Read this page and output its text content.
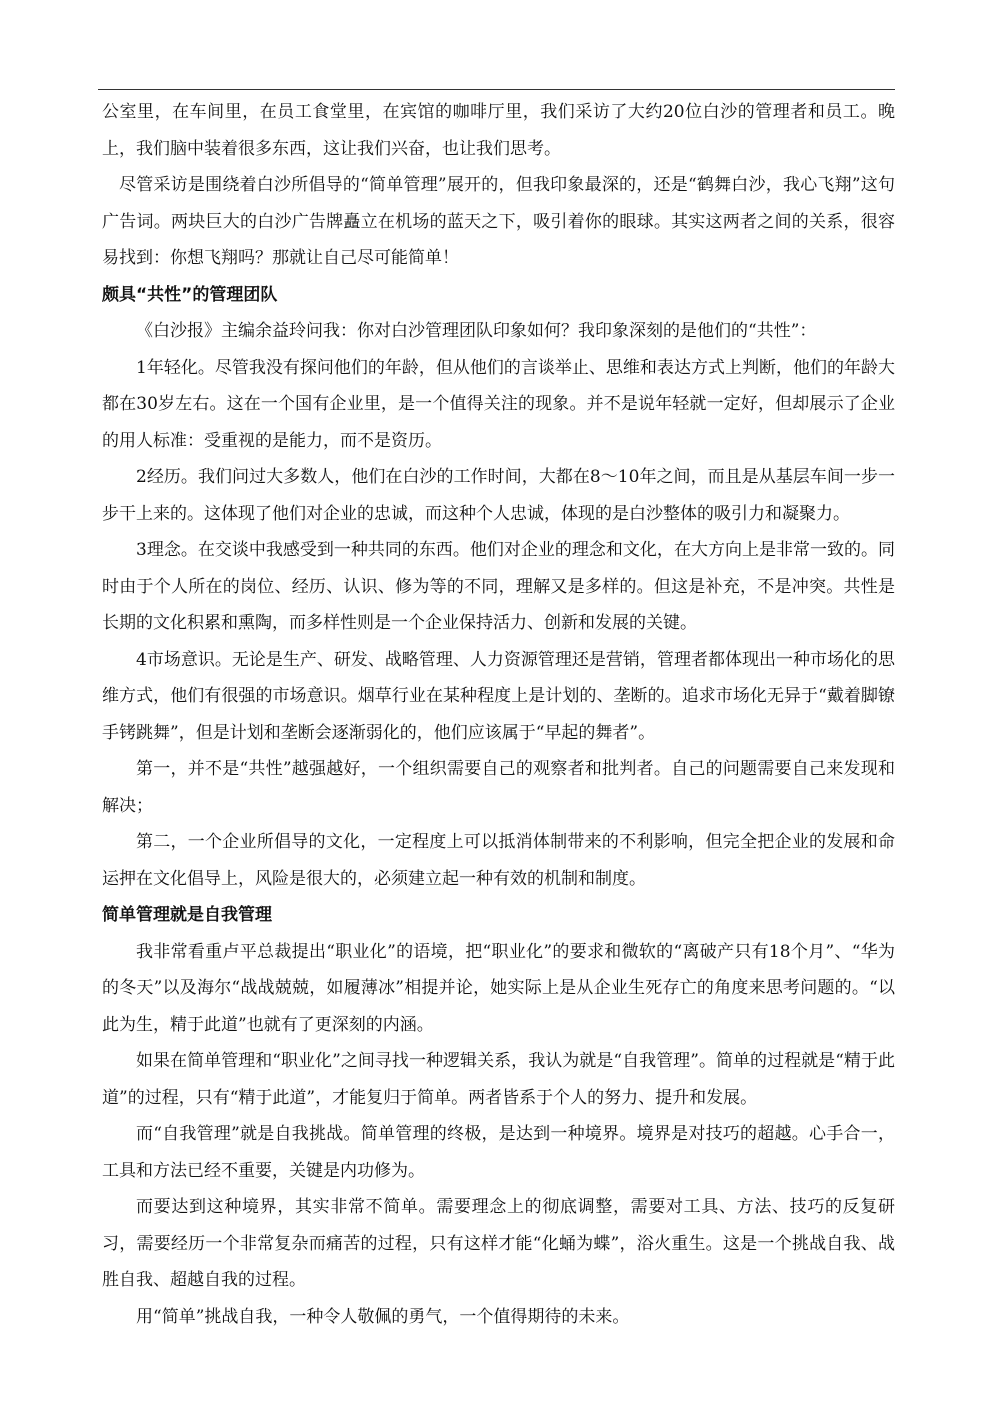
公室里，在车间里，在员工食堂里，在宾馆的咖啡厅里，我们采访了大约20位白沙的管理者和员工。晚上，我们脑中装着很多东西，这让我们兴奋，也让我们思考。

尽管采访是围绕着白沙所倡导的“简单管理”展开的，但我印象最深的，还是“鹤舞白沙，我心飞翔”这句广告词。两块巨大的白沙广告牌矗立在机场的蓝天之下，吸引着你的眼球。其实这两者之间的关系，很容易找到：你想飞翔吗？那就让自己尽可能简单！

颇具“共性”的管理团队

《白沙报》主编余益玲问我：你对白沙管理团队印象如何？我印象深刻的是他们的“共性”：

1年轻化。尽管我没有探问他们的年龄，但从他们的言谈举止、思维和表达方式上判断，他们的年龄大都在30岁左右。这在一个国有企业里，是一个值得关注的现象。并不是说年轻就一定好，但却展示了企业的用人标准：受重视的是能力，而不是资历。

2经历。我们问过大多数人，他们在白沙的工作时间，大都在8～10年之间，而且是从基层车间一步一步干上来的。这体现了他们对企业的忠诚，而这种个人忠诚，体现的是白沙整体的吸引力和凝聚力。

3理念。在交谈中我感受到一种共同的东西。他们对企业的理念和文化，在大方向上是非常一致的。同时由于个人所在的岗位、经历、认识、修为等的不同，理解又是多样的。但这是补充，不是冲突。共性是长期的文化积累和熏陶，而多样性则是一个企业保持活力、创新和发展的关键。

4市场意识。无论是生产、研发、战略管理、人力资源管理还是营销，管理者都体现出一种市场化的思维方式，他们有很强的市场意识。烟草行业在某种程度上是计划的、垄断的。追求市场化无异于“戴着脚镣手铐跳舞”，但是计划和垄断会逐渐弱化的，他们应该属于“早起的舞者”。

第一，并不是“共性”越强越好，一个组织需要自己的观察者和批判者。自己的问题需要自己来发现和解决；

第二，一个企业所倡导的文化，一定程度上可以抵消体制带来的不利影响，但完全把企业的发展和命运押在文化倡导上，风险是很大的，必须建立起一种有效的机制和制度。

简单管理就是自我管理

我非常看重卢平总裁提出“职业化”的语境，把“职业化”的要求和微软的“离破产只有18个月”、“华为的冬天”以及海尔“战战兢兢，如履薄冰”相提并论，她实际上是从企业生死存亡的角度来思考问题的。“以此为生，精于此道”也就有了更深刻的内涵。

如果在简单管理和“职业化”之间寻找一种逻辑关系，我认为就是“自我管理”。简单的过程就是“精于此道”的过程，只有“精于此道”，才能复归于简单。两者皆系于个人的努力、提升和发展。

而“自我管理”就是自我挑战。简单管理的终极，是达到一种境界。境界是对技巧的超越。心手合一，工具和方法已经不重要，关键是内功修为。

而要达到这种境界，其实非常不简单。需要理念上的彻底调整，需要对工具、方法、技巧的反复研习，需要经历一个非常复杂而痛苦的过程，只有这样才能“化蛹为蝶”，浴火重生。这是一个挑战自我、战胜自我、超越自我的过程。

用“简单”挑战自我，一种令人敬佩的勇气，一个值得期待的未来。
